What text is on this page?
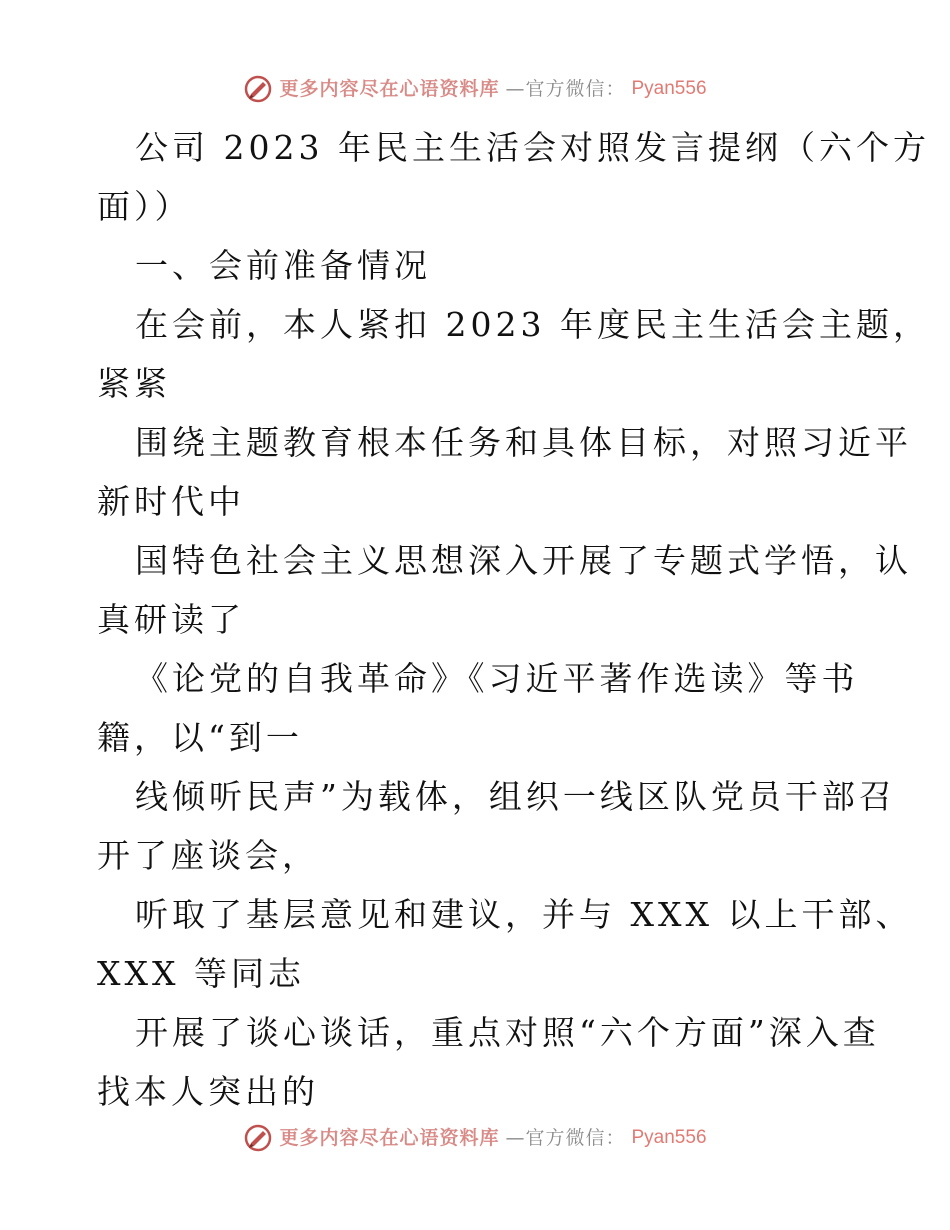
更多内容尽在心语资料库 —官方微信： Pyan556
公司 2023 年民主生活会对照发言提纲（六个方
面））
一、会前准备情况
在会前，本人紧扣 2023 年度民主生活会主题，
紧紧
围绕主题教育根本任务和具体目标，对照习近平
新时代中
国特色社会主义思想深入开展了专题式学悟，认
真研读了
《论党的自我革命》《习近平著作选读》等书
籍，以“到一
线倾听民声”为载体，组织一线区队党员干部召
开了座谈会，
听取了基层意见和建议，并与 XXX 以上干部、
XXX 等同志
开展了谈心谈话，重点对照“六个方面”深入查
找本人突出的
更多内容尽在心语资料库 —官方微信： Pyan556
